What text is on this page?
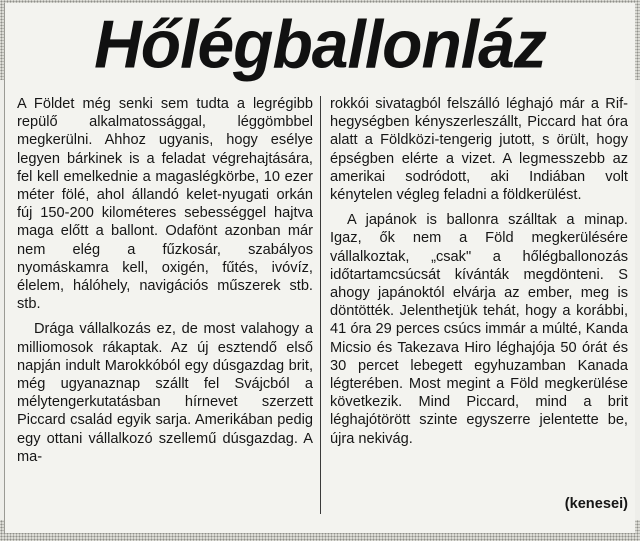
Hőlégballonláz

A Földet még senki sem tudta a legrégibb repülő alkalmatossággal, léggömbbel megkerülni. Ahhoz ugyanis, hogy esélye legyen bárkinek is a feladat végrehajtására, fel kell emelkednie a magaslégkörbe, 10 ezer méter fölé, ahol állandó kelet-nyugati orkán fúj 150-200 kilométeres sebességgel hajtva maga előtt a ballont. Odafönt azonban már nem elég a fűzkosár, szabályos nyomáskamra kell, oxigén, fűtés, ivóvíz, élelem, hálóhely, navigációs műszerek stb. stb.

Drága vállalkozás ez, de most valahogy a milliomosok rákaptak. Az új esztendő első napján indult Marokkóból egy dúsgazdag brit, még ugyanaznap szállt fel Svájcból a mélytengerkutatásban hírnevet szerzett Piccard család egyik sarja. Amerikában pedig egy ottani vállalkozó szellemű dúsgazdag. A ma-

rokkói sivatagból felszálló léghajó már a Rif-hegységben kényszerleszállt, Piccard hat óra alatt a Földközi-tengerig jutott, s örült, hogy épségben elérte a vizet. A legmesszebb az amerikai sodródott, aki Indiában volt kénytelen végleg feladni a földkerülést.

A japánok is ballonra szálltak a minap. Igaz, ők nem a Föld megkerülésére vállalkoztak, „csak" a hőlégballonozás időtartamcsúcsát kívánták megdönteni. S ahogy japánoktól elvárja az ember, meg is döntötték. Jelenthetjük tehát, hogy a korábbi, 41 óra 29 perces csúcs immár a múlté, Kanda Micsio és Takezava Hiro léghajója 50 órát és 30 percet lebegett egyhuzamban Kanada légterében. Most megint a Föld megkerülése következik. Mind Piccard, mind a brit léghajótörött szinte egyszerre jelentette be, újra nekivág.

(kenesei)
